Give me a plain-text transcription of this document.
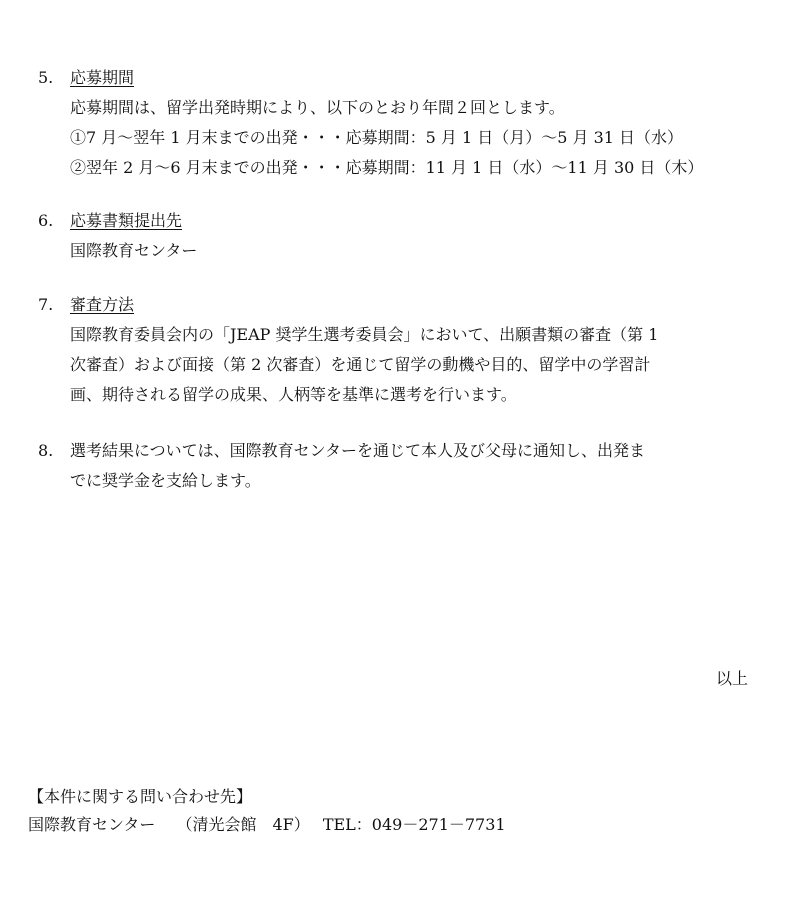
5.	応募期間
応募期間は、留学出発時期により、以下のとおり年間２回とします。
①7 月～翌年 1 月末までの出発・・・応募期間：5 月 1 日（月）～5 月 31 日（水）
②翌年 2 月～6 月末までの出発・・・応募期間：11 月 1 日（水）～11 月 30 日（木）
6.	応募書類提出先
国際教育センター
7.	審査方法
国際教育委員会内の「JEAP 奨学生選考委員会」において、出願書類の審査（第 1
次審査）および面接（第 2 次審査）を通じて留学の動機や目的、留学中の学習計
画、期待される留学の成果、人柄等を基準に選考を行います。
8.	選考結果については、国際教育センターを通じて本人及び父母に通知し、出発ま
でに奨学金を支給します。
以上
【本件に関する問い合わせ先】
国際教育センター　 （清光会館　4F）　 TEL：049－271－7731
